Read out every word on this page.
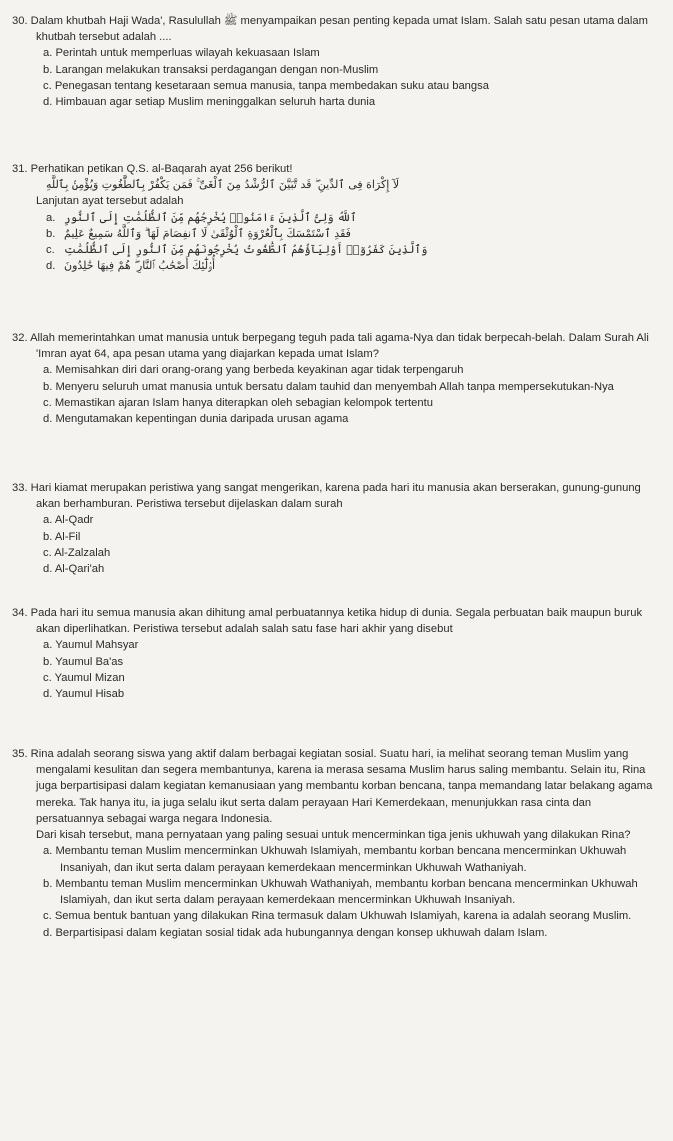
30. Dalam khutbah Haji Wada', Rasulullah ﷺ menyampaikan pesan penting kepada umat Islam. Salah satu pesan utama dalam khutbah tersebut adalah ....

a. Perintah untuk memperluas wilayah kekuasaan Islam
b. Larangan melakukan transaksi perdagangan dengan non-Muslim
c. Penegasan tentang kesetaraan semua manusia, tanpa membedakan suku atau bangsa
d. Himbauan agar setiap Muslim meninggalkan seluruh harta dunia

31. Perhatikan petikan Q.S. al-Baqarah ayat 256 berikut!

لَآ إِكْرَاهَ فِى ٱلدِّينِ ۖ قَد تَّبَيَّنَ ٱلرُّشْدُ مِنَ ٱلْغَىِّ ۚ فَمَن يَكْفُرْ بِٱلطَّٰغُوتِ وَيُؤْمِنۢ بِٱللَّهِ
Lanjutan ayat tersebut adalah
a. ٱللَّهُ وَلِىُّ ٱلَّذِينَ ءَامَنُوا۟ يُخْرِجُهُم مِّنَ ٱلظُّلُمَٰتِ إِلَى ٱلنُّورِ
b. فَقَدِ ٱسْتَمْسَكَ بِٱلْعُرْوَةِ ٱلْوُثْقَىٰ لَا ٱنفِصَامَ لَهَا ۗ وَٱللَّهُ سَمِيعٌ عَلِيمٌ
c. وَٱلَّذِينَ كَفَرُوٓا۟ أَوْلِيَآؤُهُمُ ٱلطَّٰغُوتُ يُخْرِجُونَهُم مِّنَ ٱلنُّورِ إِلَى ٱلظُّلُمَٰتِ
d. أُو۟لَٰٓئِكَ أَصْحَٰبُ ٱلنَّارِ ۖ هُمْ فِيهَا خَٰلِدُونَ

32. Allah memerintahkan umat manusia untuk berpegang teguh pada tali agama-Nya dan tidak berpecah-belah. Dalam Surah Ali 'Imran ayat 64, apa pesan utama yang diajarkan kepada umat Islam?

a. Memisahkan diri dari orang-orang yang berbeda keyakinan agar tidak terpengaruh
b. Menyeru seluruh umat manusia untuk bersatu dalam tauhid dan menyembah Allah tanpa mempersekutukan-Nya
c. Memastikan ajaran Islam hanya diterapkan oleh sebagian kelompok tertentu
d. Mengutamakan kepentingan dunia daripada urusan agama

33. Hari kiamat merupakan peristiwa yang sangat mengerikan, karena pada hari itu manusia akan berserakan, gunung-gunung akan berhamburan. Peristiwa tersebut dijelaskan dalam surah

a. Al-Qadr
b. Al-Fil
c. Al-Zalzalah
d. Al-Qari'ah

34. Pada hari itu semua manusia akan dihitung amal perbuatannya ketika hidup di dunia. Segala perbuatan baik maupun buruk akan diperlihatkan. Peristiwa tersebut adalah salah satu fase hari akhir yang disebut

a. Yaumul Mahsyar
b. Yaumul Ba'as
c. Yaumul Mizan
d. Yaumul Hisab

35. Rina adalah seorang siswa yang aktif dalam berbagai kegiatan sosial. Suatu hari, ia melihat seorang teman Muslim yang mengalami kesulitan dan segera membantunya, karena ia merasa sesama Muslim harus saling membantu. Selain itu, Rina juga berpartisipasi dalam kegiatan kemanusiaan yang membantu korban bencana, tanpa memandang latar belakang agama mereka. Tak hanya itu, ia juga selalu ikut serta dalam perayaan Hari Kemerdekaan, menunjukkan rasa cinta dan persatuannya sebagai warga negara Indonesia.

Dari kisah tersebut, mana pernyataan yang paling sesuai untuk mencerminkan tiga jenis ukhuwah yang dilakukan Rina?
a. Membantu teman Muslim mencerminkan Ukhuwah Islamiyah, membantu korban bencana mencerminkan Ukhuwah Insaniyah, dan ikut serta dalam perayaan kemerdekaan mencerminkan Ukhuwah Wathaniyah.
b. Membantu teman Muslim mencerminkan Ukhuwah Wathaniyah, membantu korban bencana mencerminkan Ukhuwah Islamiyah, dan ikut serta dalam perayaan kemerdekaan mencerminkan Ukhuwah Insaniyah.
c. Semua bentuk bantuan yang dilakukan Rina termasuk dalam Ukhuwah Islamiyah, karena ia adalah seorang Muslim.
d. Berpartisipasi dalam kegiatan sosial tidak ada hubungannya dengan konsep ukhuwah dalam Islam.
